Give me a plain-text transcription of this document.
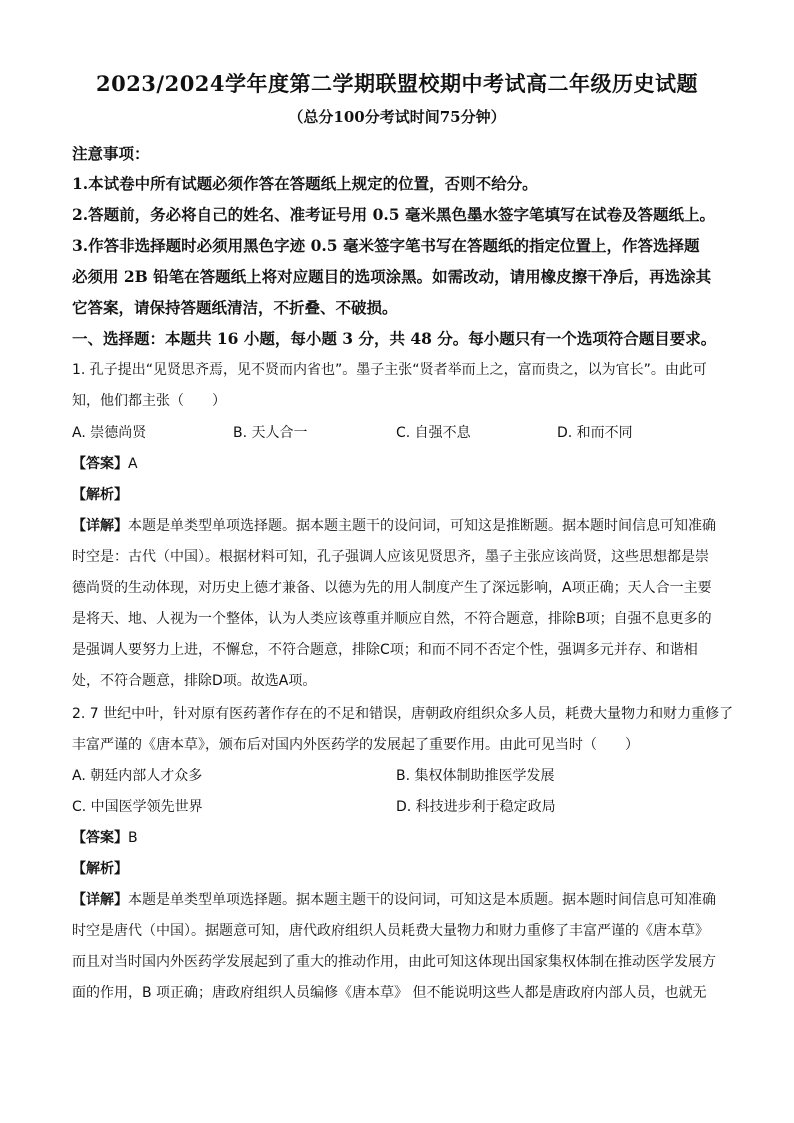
2023/2024学年度第二学期联盟校期中考试高二年级历史试题
（总分100分考试时间75分钟）
注意事项：
1.本试卷中所有试题必须作答在答题纸上规定的位置，否则不给分。
2.答题前，务必将自己的姓名、准考证号用 0.5 毫米黑色墨水签字笔填写在试卷及答题纸上。
3.作答非选择题时必须用黑色字迹 0.5 毫米签字笔书写在答题纸的指定位置上，作答选择题
必须用 2B 铅笔在答题纸上将对应题目的选项涂黑。如需改动，请用橡皮擦干净后，再选涂其
它答案，请保持答题纸清洁，不折叠、不破损。
一、选择题：本题共 16 小题，每小题 3 分，共 48 分。每小题只有一个选项符合题目要求。
1. 孔子提出“见贤思齐焉，见不贤而内省也”。墨子主张“贤者举而上之，富而贵之，以为官长”。由此可
知，他们都主张（　　）
A. 崇德尚贤	B. 天人合一	C. 自强不息	D. 和而不同
【答案】A
【解析】
【详解】本题是单类型单项选择题。据本题主题干的设问词，可知这是推断题。据本题时间信息可知准确
时空是：古代（中国）。根据材料可知，孔子强调人应该见贤思齐，墨子主张应该尚贤，这些思想都是崇
德尚贤的生动体现，对历史上德才兼备、以德为先的用人制度产生了深远影响，A项正确；天人合一主要
是将天、地、人视为一个整体，认为人类应该尊重并顺应自然，不符合题意，排除B项；自强不息更多的
是强调人要努力上进，不懈怠，不符合题意，排除C项；和而不同不否定个性，强调多元并存、和谐相
处，不符合题意，排除D项。故选A项。
2. 7 世纪中叶，针对原有医药著作存在的不足和错误，唐朝政府组织众多人员，耗费大量物力和财力重修了
丰富严谨的《唐本草》，颁布后对国内外医药学的发展起了重要作用。由此可见当时（　　）
A. 朝廷内部人才众多	B. 集权体制助推医学发展
C. 中国医学领先世界	D. 科技进步利于稳定政局
【答案】B
【解析】
【详解】本题是单类型单项选择题。据本题主题干的设问词，可知这是本质题。据本题时间信息可知准确
时空是唐代（中国）。据题意可知，唐代政府组织人员耗费大量物力和财力重修了丰富严谨的《唐本草》
而且对当时国内外医药学发展起到了重大的推动作用，由此可知这体现出国家集权体制在推动医学发展方
面的作用，B 项正确；唐政府组织人员编修《唐本草》 但不能说明这些人都是唐政府内部人员，也就无
